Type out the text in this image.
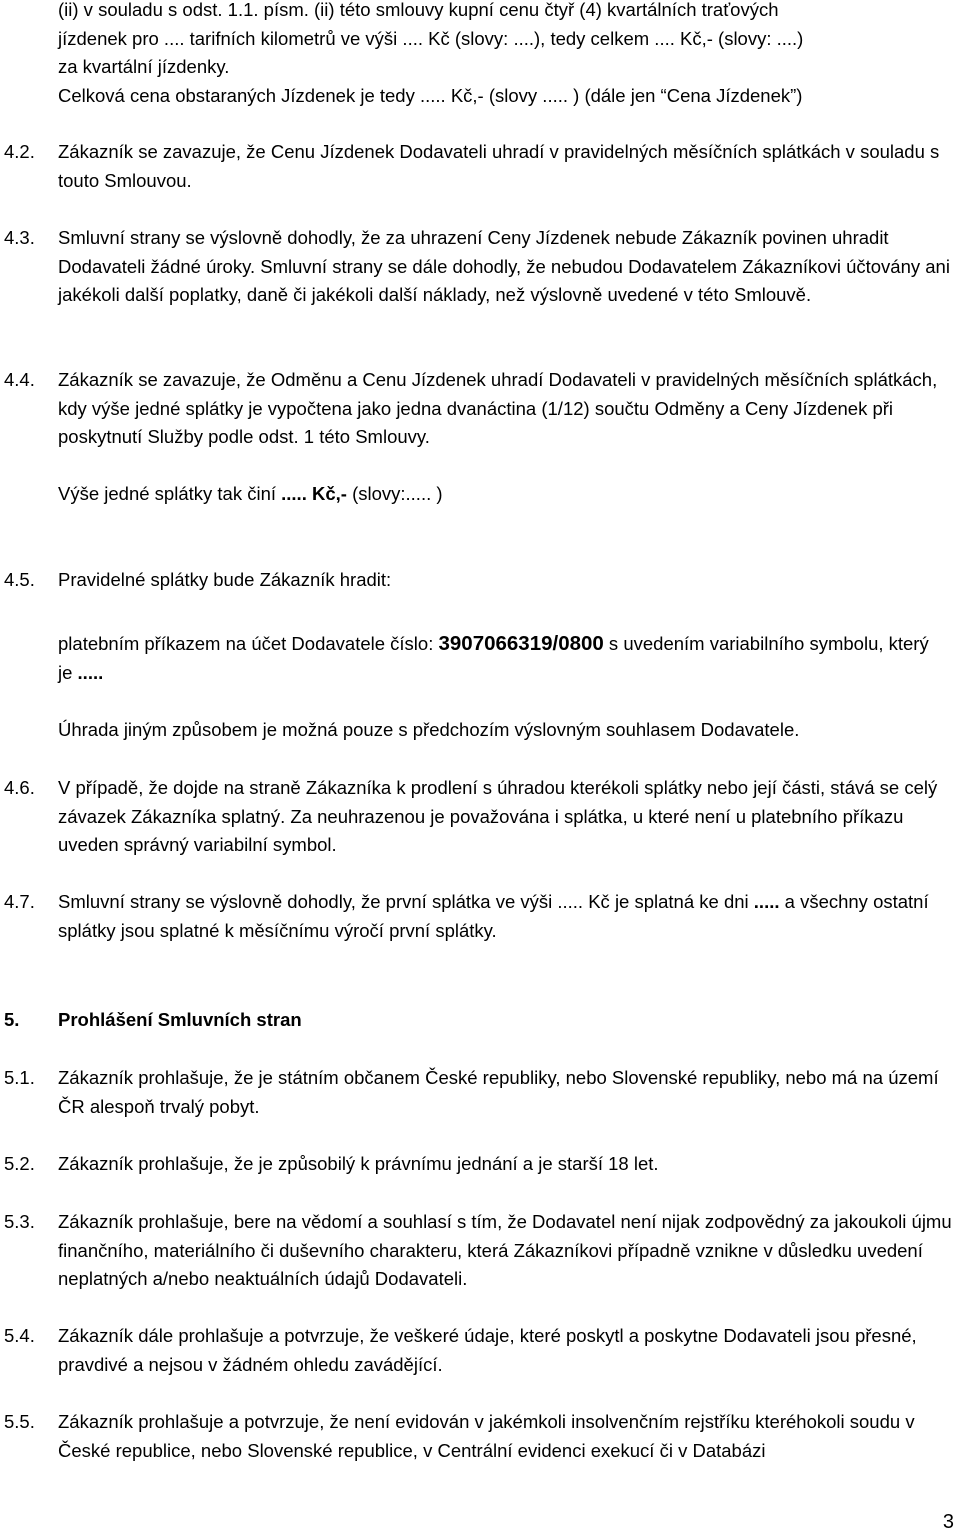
(ii) v souladu s odst. 1.1. písm. (ii) této smlouvy kupní cenu čtyř (4) kvartálních traťových
jízdenek pro .... tarifních kilometrů ve výši .... Kč (slovy: ....), tedy celkem .... Kč,- (slovy: ....)
za kvartální jízdenky.
Celková cena obstaraných Jízdenek je tedy ..... Kč,- (slovy ..... ) (dále jen “Cena Jízdenek”)
4.2.	Zákazník se zavazuje, že Cenu Jízdenek Dodavateli uhradí v pravidelných měsíčních splátkách v souladu s touto Smlouvou.

4.3.	Smluvní strany se výslovně dohodly, že za uhrazení Ceny Jízdenek nebude Zákazník povinen uhradit Dodavateli žádné úroky. Smluvní strany se dále dohodly, že nebudou Dodavatelem Zákazníkovi účtovány ani jakékoli další poplatky, daně či jakékoli další náklady, než výslovně uvedené v této Smlouvě.

4.4.	Zákazník se zavazuje, že Odměnu a Cenu Jízdenek uhradí Dodavateli v pravidelných měsíčních splátkách, kdy výše jedné splátky je vypočtena jako jedna dvanáctina (1/12) součtu Odměny a Ceny Jízdenek při poskytnutí Služby podle odst. 1 této Smlouvy.

Výše jedné splátky tak činí ..... Kč,- (slovy:..... )
4.5.	Pravidelné splátky bude Zákazník hradit:

platebním příkazem na účet Dodavatele číslo: 3907066319/0800 s uvedením variabilního symbolu, který je .....
Úhrada jiným způsobem je možná pouze s předchozím výslovným souhlasem Dodavatele.
4.6.	V případě, že dojde na straně Zákazníka k prodlení s úhradou kterékoli splátky nebo její části, stává se celý závazek Zákazníka splatný. Za neuhrazenou je považována i splátka, u které není u platebního příkazu uveden správný variabilní symbol.

4.7.	Smluvní strany se výslovně dohodly, že první splátka ve výši ..... Kč je splatná ke dni ..... a všechny ostatní splátky jsou splatné k měsíčnímu výročí první splátky.

5.	Prohlášení Smluvních stran

5.1.	Zákazník prohlašuje, že je státním občanem České republiky, nebo Slovenské republiky, nebo má na území ČR alespoň trvalý pobyt.

5.2.	Zákazník prohlašuje, že je způsobilý k právnímu jednání a je starší 18 let.

5.3.	Zákazník prohlašuje, bere na vědomí a souhlasí s tím, že Dodavatel není nijak zodpovědný za jakoukoli újmu finančního, materiálního či duševního charakteru, která Zákazníkovi případně vznikne v důsledku uvedení neplatných a/nebo neaktuálních údajů Dodavateli.

5.4.	Zákazník dále prohlašuje a potvrzuje, že veškeré údaje, které poskytl a poskytne Dodavateli jsou přesné, pravdivé a nejsou v žádném ohledu zavádějící.

5.5.	Zákazník prohlašuje a potvrzuje, že není evidován v jakémkoli insolvenčním rejstříku kteréhokoli soudu v České republice, nebo Slovenské republice, v Centrální evidenci exekucí či v Databázi

3
